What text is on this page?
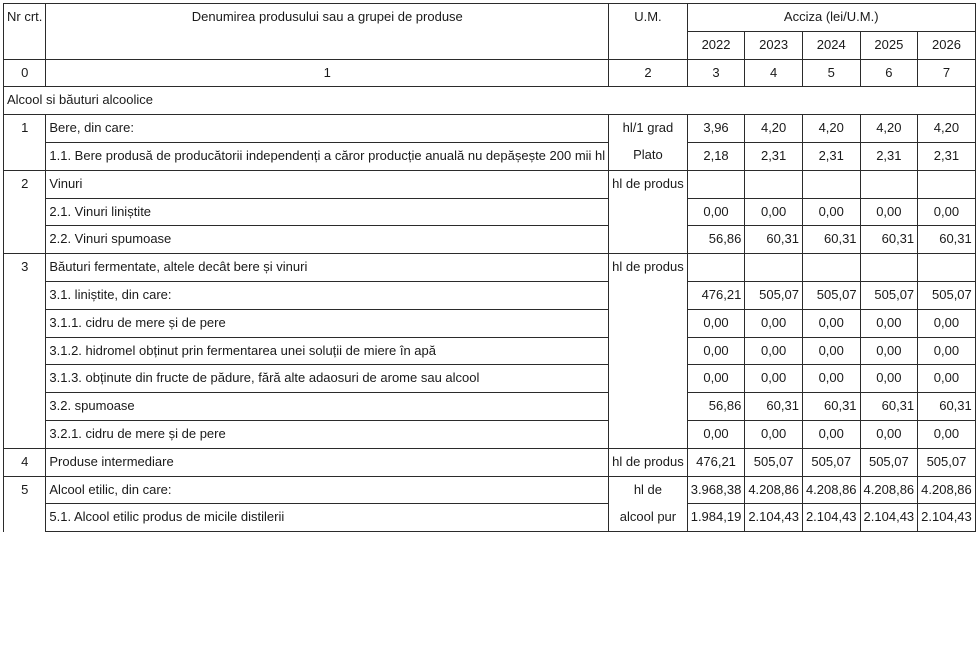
Nr crt.	Denumirea produsului sau a grupei de produse	U.M.	Acciza (lei/U.M.)				
			2022	2023	2024	2025	2026
0	1	2	3	4	5	6	7
Alcool si băuturi alcoolice							
1	Bere, din care:	hl/1 grad	3,96	4,20	4,20	4,20	4,20
	1.1. Bere produsă de producătorii independenți a căror producție anuală nu depășește 200 mii hl	Plato	2,18	2,31	2,31	2,31	2,31
2	Vinuri	hl de produs					
	2.1. Vinuri liniștite		0,00	0,00	0,00	0,00	0,00
	2.2. Vinuri spumoase		56,86	60,31	60,31	60,31	60,31
3	Băuturi fermentate, altele decât bere și vinuri	hl de produs					
	3.1. liniștite, din care:		476,21	505,07	505,07	505,07	505,07
	3.1.1. cidru de mere și de pere		0,00	0,00	0,00	0,00	0,00
	3.1.2. hidromel obținut prin fermentarea unei soluții de miere în apă		0,00	0,00	0,00	0,00	0,00
	3.1.3. obținute din fructe de pădure, fără alte adaosuri de arome sau alcool		0,00	0,00	0,00	0,00	0,00
	3.2. spumoase		56,86	60,31	60,31	60,31	60,31
	3.2.1. cidru de mere și de pere		0,00	0,00	0,00	0,00	0,00
4	Produse intermediare	hl de produs	476,21	505,07	505,07	505,07	505,07
5	Alcool etilic, din care:	hl de	3.968,38	4.208,86	4.208,86	4.208,86	4.208,86
	5.1. Alcool etilic produs de micile distilerii	alcool pur	1.984,19	2.104,43	2.104,43	2.104,43	2.104,43
